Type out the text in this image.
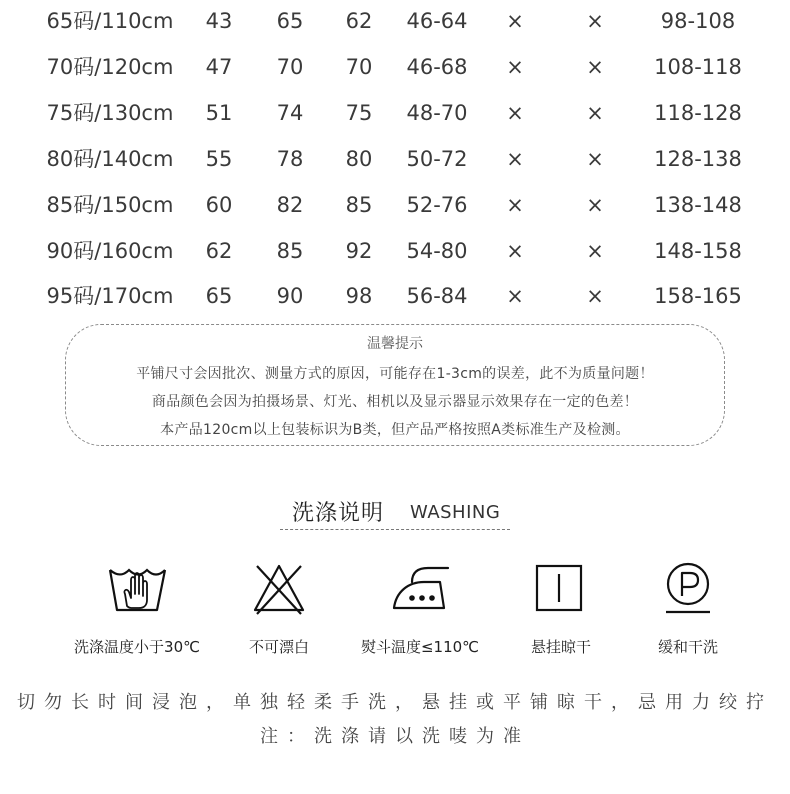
65码/110cm	43	65	62	46-64	×	×	98-108
70码/120cm	47	70	70	46-68	×	×	108-118
75码/130cm	51	74	75	48-70	×	×	118-128
80码/140cm	55	78	80	50-72	×	×	128-138
85码/150cm	60	82	85	52-76	×	×	138-148
90码/160cm	62	85	92	54-80	×	×	148-158
95码/170cm	65	90	98	56-84	×	×	158-165
温馨提示
平铺尺寸会因批次、测量方式的原因，可能存在1-3cm的误差，此不为质量问题！
商品颜色会因为拍摄场景、灯光、相机以及显示器显示效果存在一定的色差！
本产品120cm以上包装标识为B类，但产品严格按照A类标准生产及检测。
洗涤说明 WASHING
洗涤温度小于30℃	不可漂白	熨斗温度≤110℃	悬挂晾干	缓和干洗
切勿长时间浸泡，单独轻柔手洗，悬挂或平铺晾干，忌用力绞拧
注：洗涤请以洗唛为准
